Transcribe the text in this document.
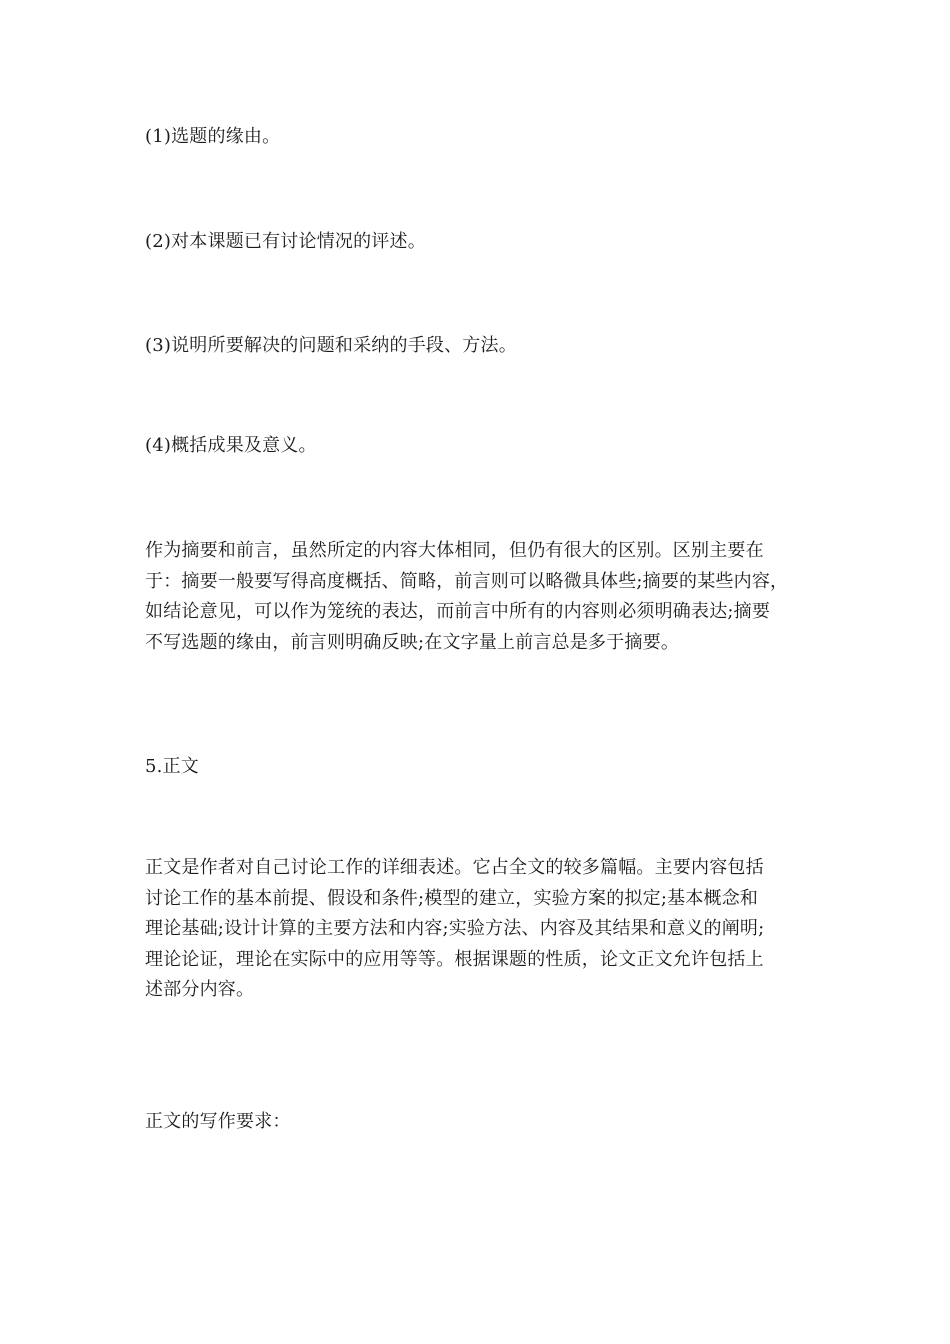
(1)选题的缘由。
(2)对本课题已有讨论情况的评述。
(3)说明所要解决的问题和采纳的手段、方法。
(4)概括成果及意义。
作为摘要和前言，虽然所定的内容大体相同，但仍有很大的区别。区别主要在
于：摘要一般要写得高度概括、简略，前言则可以略微具体些;摘要的某些内容，
如结论意见，可以作为笼统的表达，而前言中所有的内容则必须明确表达;摘要
不写选题的缘由，前言则明确反映;在文字量上前言总是多于摘要。
5.正文
正文是作者对自己讨论工作的详细表述。它占全文的较多篇幅。主要内容包括
讨论工作的基本前提、假设和条件;模型的建立，实验方案的拟定;基本概念和
理论基础;设计计算的主要方法和内容;实验方法、内容及其结果和意义的阐明;
理论论证，理论在实际中的应用等等。根据课题的性质，论文正文允许包括上
述部分内容。
正文的写作要求：
